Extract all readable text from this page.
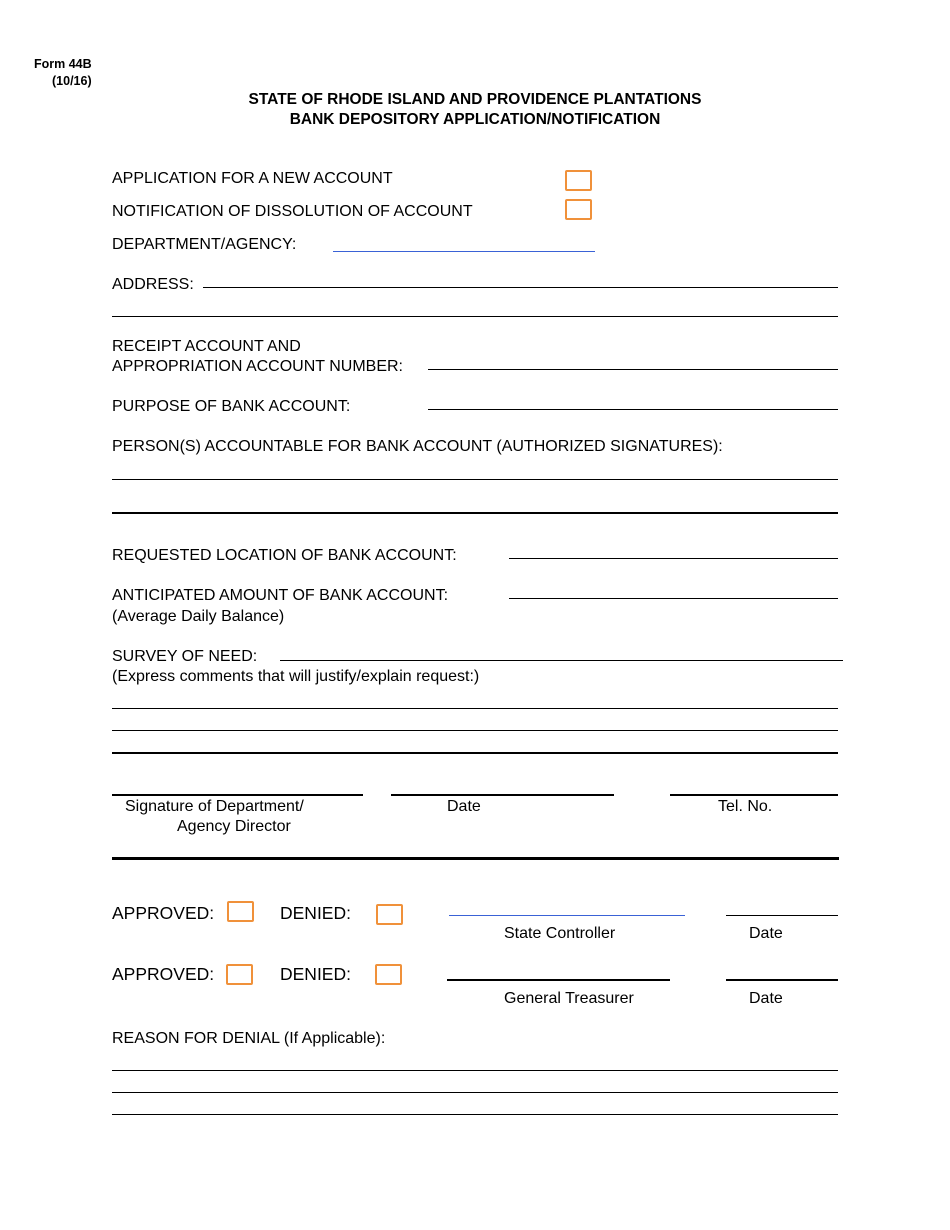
Form 44B
(10/16)
STATE OF RHODE ISLAND AND PROVIDENCE PLANTATIONS
BANK DEPOSITORY APPLICATION/NOTIFICATION
APPLICATION FOR A NEW ACCOUNT
NOTIFICATION OF DISSOLUTION OF ACCOUNT
DEPARTMENT/AGENCY:
ADDRESS:
RECEIPT ACCOUNT AND
APPROPRIATION ACCOUNT NUMBER:
PURPOSE OF BANK ACCOUNT:
PERSON(S) ACCOUNTABLE FOR BANK ACCOUNT (AUTHORIZED SIGNATURES):
REQUESTED LOCATION OF BANK ACCOUNT:
ANTICIPATED AMOUNT OF BANK ACCOUNT:
(Average Daily Balance)
SURVEY OF NEED:
(Express comments that will justify/explain request:)
Signature of Department/
Agency Director
Date	Tel. No.
APPROVED:	DENIED:
State Controller	Date
APPROVED:	DENIED:
General Treasurer	Date
REASON FOR DENIAL (If Applicable):
